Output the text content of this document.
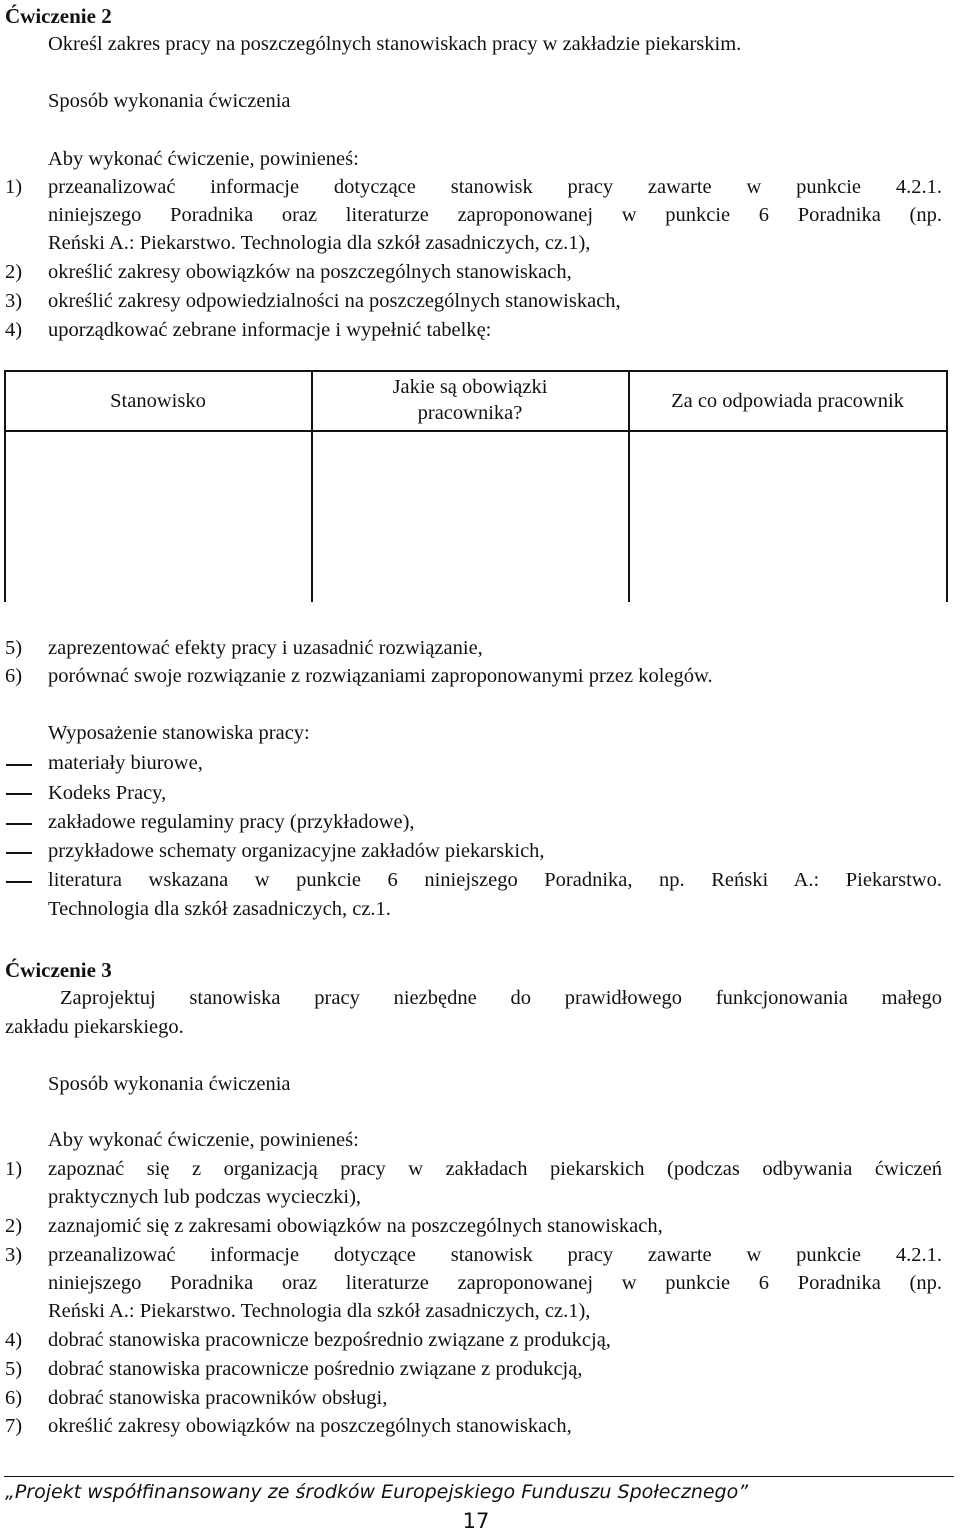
Ćwiczenie 2
Określ zakres pracy na poszczególnych stanowiskach pracy w zakładzie piekarskim.
Sposób wykonania ćwiczenia
Aby wykonać ćwiczenie, powinieneś:
1) przeanalizować informacje dotyczące stanowisk pracy zawarte w punkcie 4.2.1.
niniejszego Poradnika oraz literaturze zaproponowanej w punkcie 6 Poradnika (np.
Reński A.: Piekarstwo. Technologia dla szkół zasadniczych, cz.1),
2) określić zakresy obowiązków na poszczególnych stanowiskach,
3) określić zakresy odpowiedzialności na poszczególnych stanowiskach,
4) uporządkować zebrane informacje i wypełnić tabelkę:
Stanowisko
Jakie są obowiązki
pracownika?
Za co odpowiada pracownik
5) zaprezentować efekty pracy i uzasadnić rozwiązanie,
6) porównać swoje rozwiązanie z rozwiązaniami zaproponowanymi przez kolegów.
Wyposażenie stanowiska pracy:
materiały biurowe,
Kodeks Pracy,
zakładowe regulaminy pracy (przykładowe),
przykładowe schematy organizacyjne zakładów piekarskich,
literatura wskazana w punkcie 6 niniejszego Poradnika, np. Reński A.: Piekarstwo.
Technologia dla szkół zasadniczych, cz.1.
Ćwiczenie 3
Zaprojektuj stanowiska pracy niezbędne do prawidłowego funkcjonowania małego
zakładu piekarskiego.
Sposób wykonania ćwiczenia
Aby wykonać ćwiczenie, powinieneś:
1) zapoznać się z organizacją pracy w zakładach piekarskich (podczas odbywania ćwiczeń
praktycznych lub podczas wycieczki),
2) zaznajomić się z zakresami obowiązków na poszczególnych stanowiskach,
3) przeanalizować informacje dotyczące stanowisk pracy zawarte w punkcie 4.2.1.
niniejszego Poradnika oraz literaturze zaproponowanej w punkcie 6 Poradnika (np.
Reński A.: Piekarstwo. Technologia dla szkół zasadniczych, cz.1),
4) dobrać stanowiska pracownicze bezpośrednio związane z produkcją,
5) dobrać stanowiska pracownicze pośrednio związane z produkcją,
6) dobrać stanowiska pracowników obsługi,
7) określić zakresy obowiązków na poszczególnych stanowiskach,
„Projekt współfinansowany ze środków Europejskiego Funduszu Społecznego”
17
